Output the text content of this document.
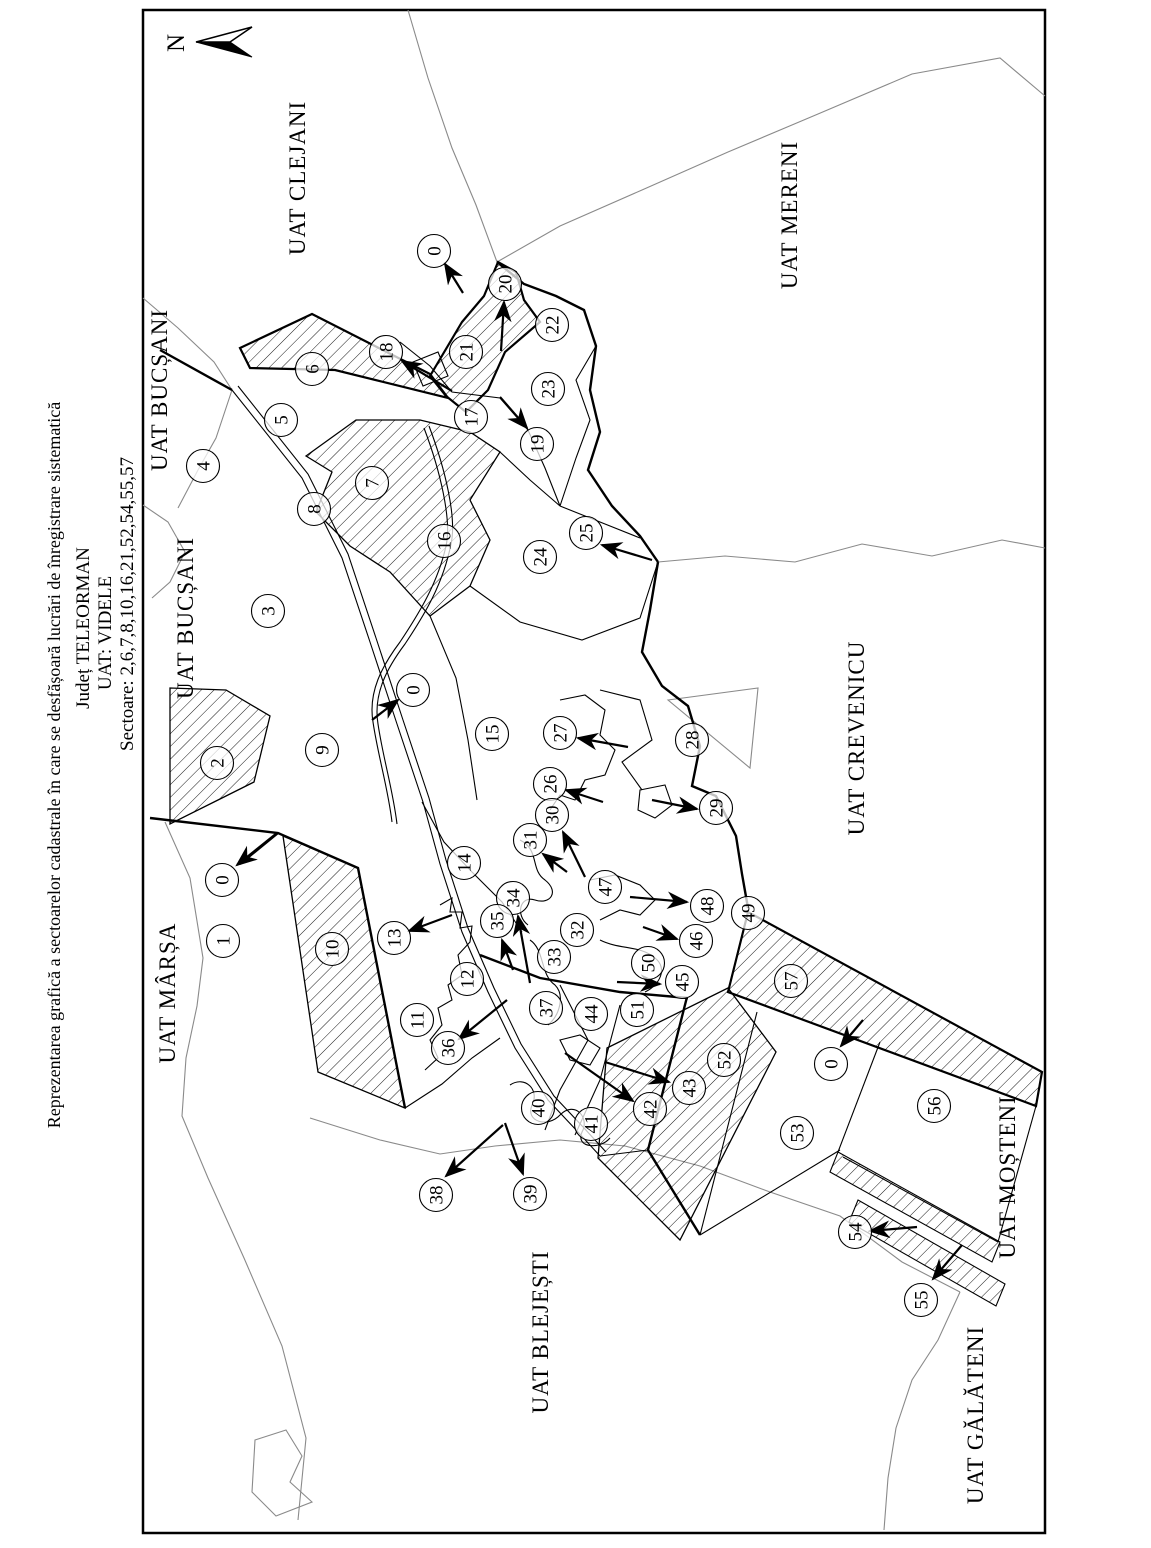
Reprezentarea grafică a sectoarelor cadastrale în care se desfășoară lucrări de înregistrare sistematică Județ TELEORMAN UAT: VIDELE Sectoare: 2,6,7,8,10,16,21,52,54,55,57
N
0
20
22
18	21
6
23
17
5
19
4
7
8
25
16
24
3
0
15 27	28
9
2
26
29
30
31
14
0	47
34	48 49
35	32
1	13	46
10	33	50
12	45	57
37	51
44
11
36
52	0
43
42
40	56
41	53
38	39
54
55
UAT CLEJANI
UAT BUCȘANI
UAT BUCȘANI
UAT MERENI
UAT CREVENICU
UAT MÂRȘA
UAT BLEJEȘTI
UAT MOȘTENI
UAT GĂLĂTENI
